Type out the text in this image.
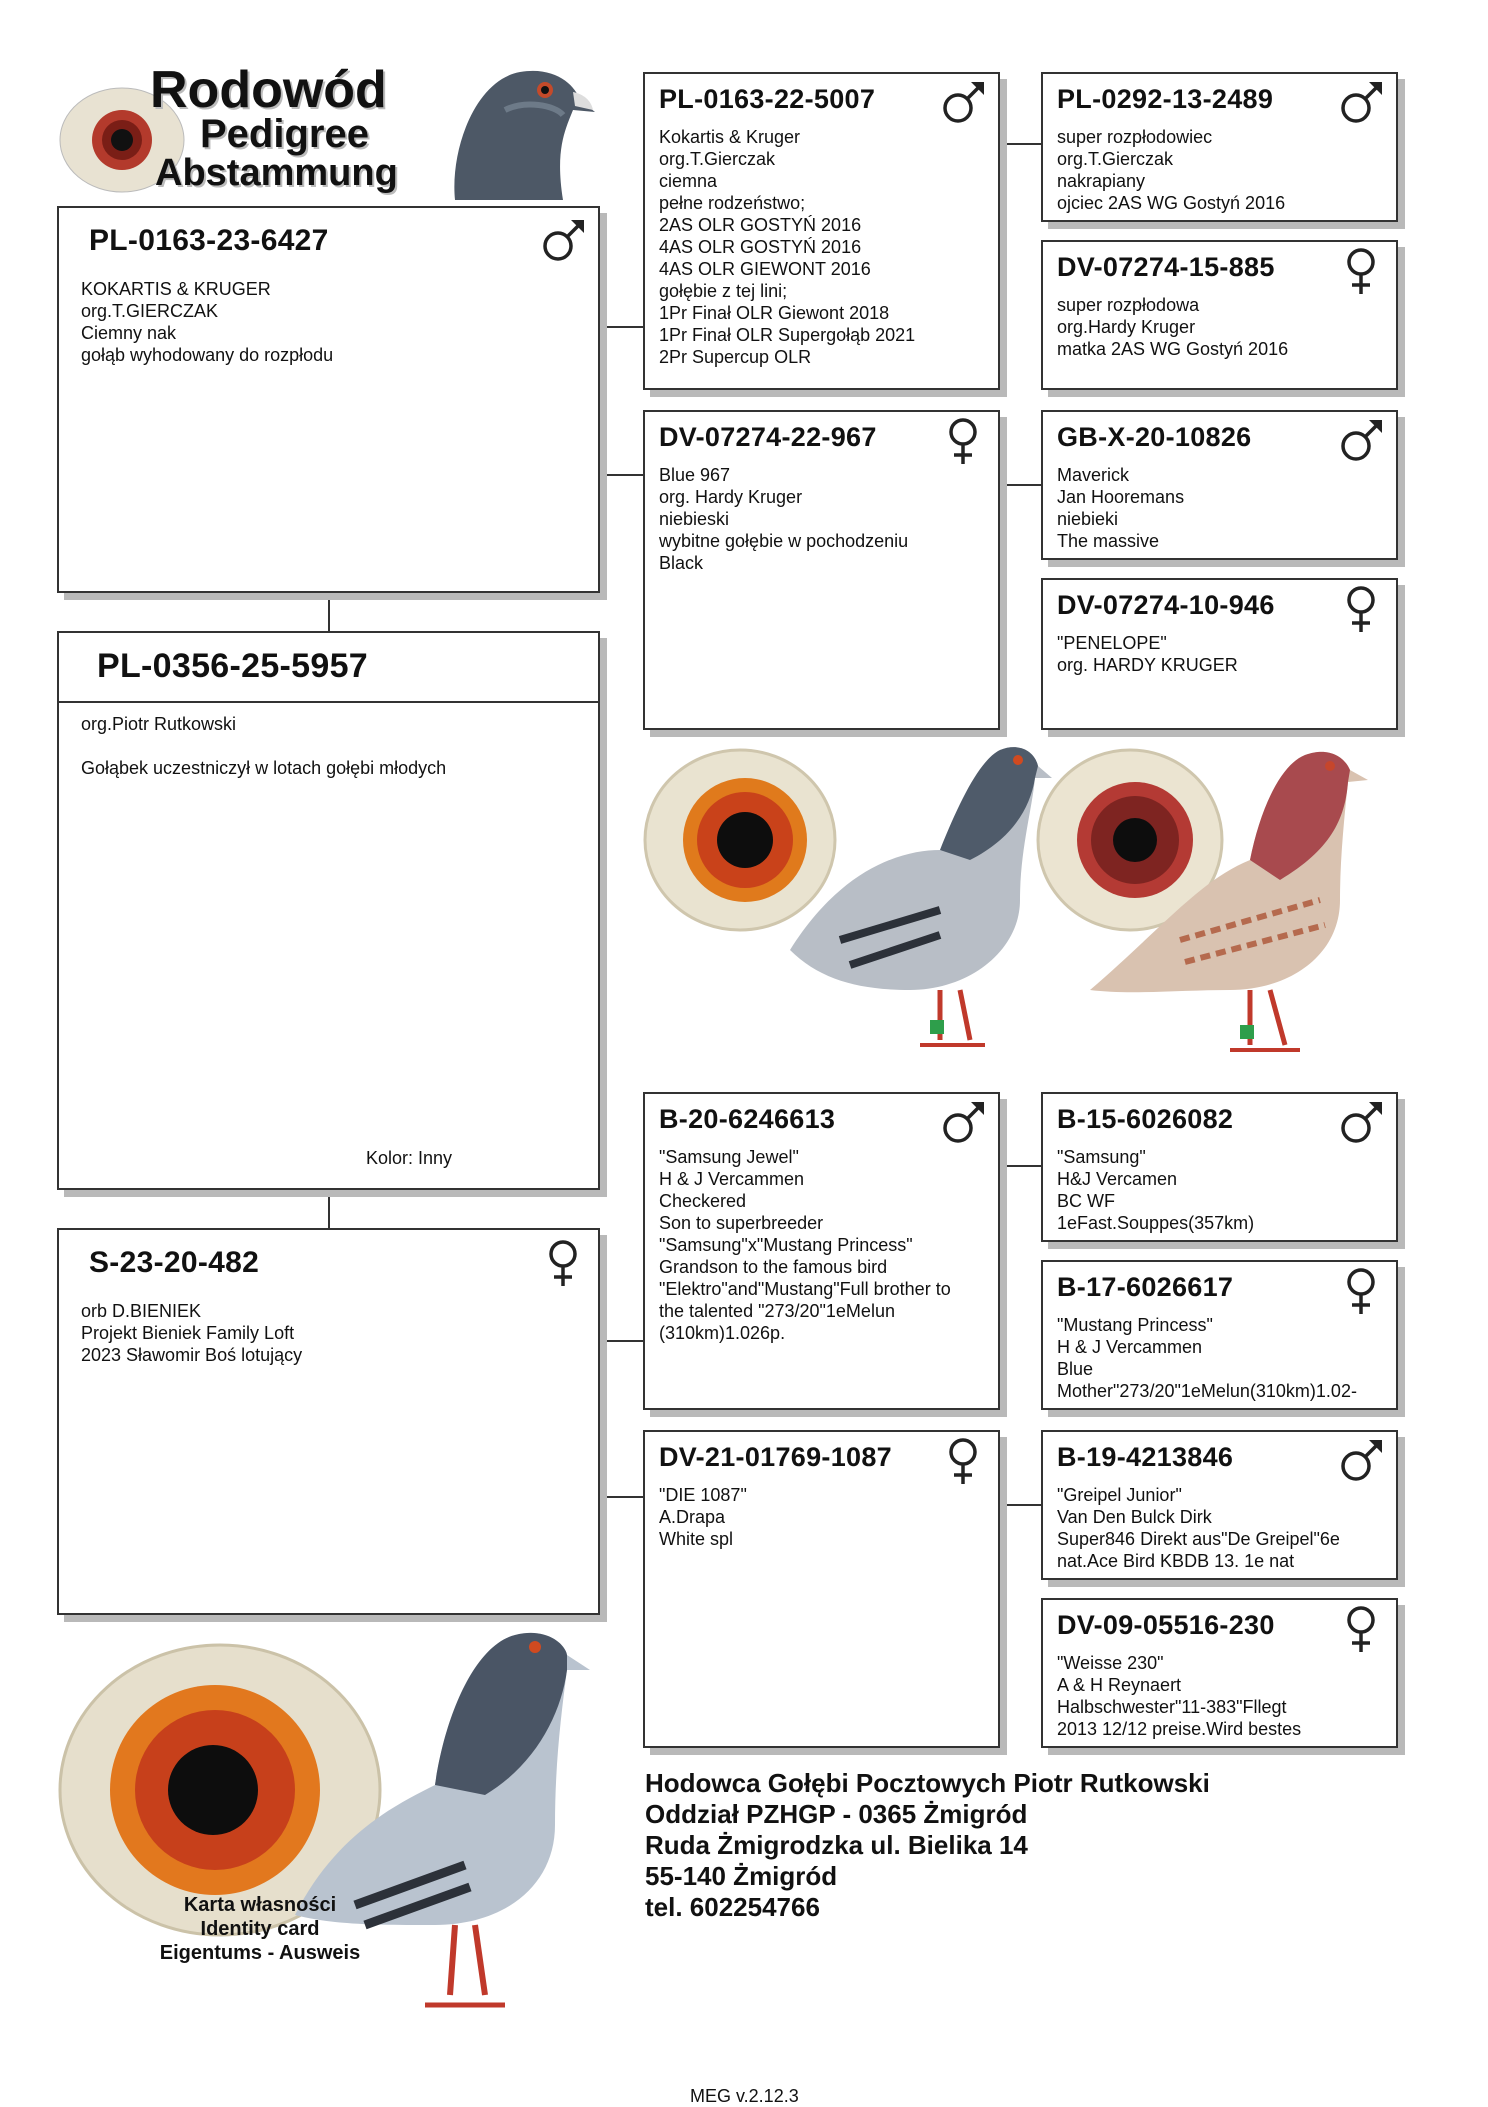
Rodowód
Pedigree
Abstammung
PL-0163-23-6427
KOKARTIS & KRUGER
org.T.GIERCZAK
Ciemny nak
gołąb wyhodowany do rozpłodu
PL-0356-25-5957
org.Piotr Rutkowski
Gołąbek uczestniczył w lotach gołębi młodych
Kolor: Inny
S-23-20-482
orb D.BIENIEK
Projekt Bieniek Family Loft
2023 Sławomir Boś lotujący
PL-0163-22-5007
Kokartis & Kruger
org.T.Gierczak
ciemna
pełne rodzeństwo;
2AS OLR GOSTYŃ 2016
4AS OLR GOSTYŃ 2016
4AS OLR GIEWONT 2016
gołębie z tej lini;
1Pr Finał OLR Giewont 2018
1Pr Finał OLR Supergołąb 2021
2Pr Supercup OLR
DV-07274-22-967
Blue 967
org. Hardy Kruger
niebieski
wybitne gołębie w pochodzeniu
Black
B-20-6246613
"Samsung Jewel"
H & J Vercammen
Checkered
Son to superbreeder
"Samsung"x"Mustang Princess"
Grandson to the famous bird
"Elektro"and"Mustang"Full brother to
the talented "273/20"1eMelun
(310km)1.026p.
DV-21-01769-1087
"DIE 1087"
A.Drapa
White spl
PL-0292-13-2489
super rozpłodowiec
org.T.Gierczak
nakrapiany
ojciec 2AS WG Gostyń 2016
DV-07274-15-885
super rozpłodowa
org.Hardy Kruger
matka 2AS WG Gostyń 2016
GB-X-20-10826
Maverick
Jan Hooremans
niebieki
The massive
DV-07274-10-946
"PENELOPE"
org. HARDY KRUGER
B-15-6026082
"Samsung"
H&J Vercamen
BC WF
1eFast.Souppes(357km)
B-17-6026617
"Mustang Princess"
H & J Vercammen
Blue
Mother"273/20"1eMelun(310km)1.02-
B-19-4213846
"Greipel Junior"
Van Den Bulck Dirk
Super846 Direkt aus"De Greipel"6e
nat.Ace Bird KBDB 13. 1e nat
DV-09-05516-230
"Weisse 230"
A & H Reynaert
Halbschwester"11-383"Fllegt
2013 12/12 preise.Wird bestes
Karta własności
Identity card
Eigentums - Ausweis
Hodowca Gołębi Pocztowych Piotr Rutkowski
Oddział PZHGP - 0365 Żmigród
Ruda Żmigrodzka ul. Bielika 14
55-140 Żmigród
tel. 602254766
MEG v.2.12.3
